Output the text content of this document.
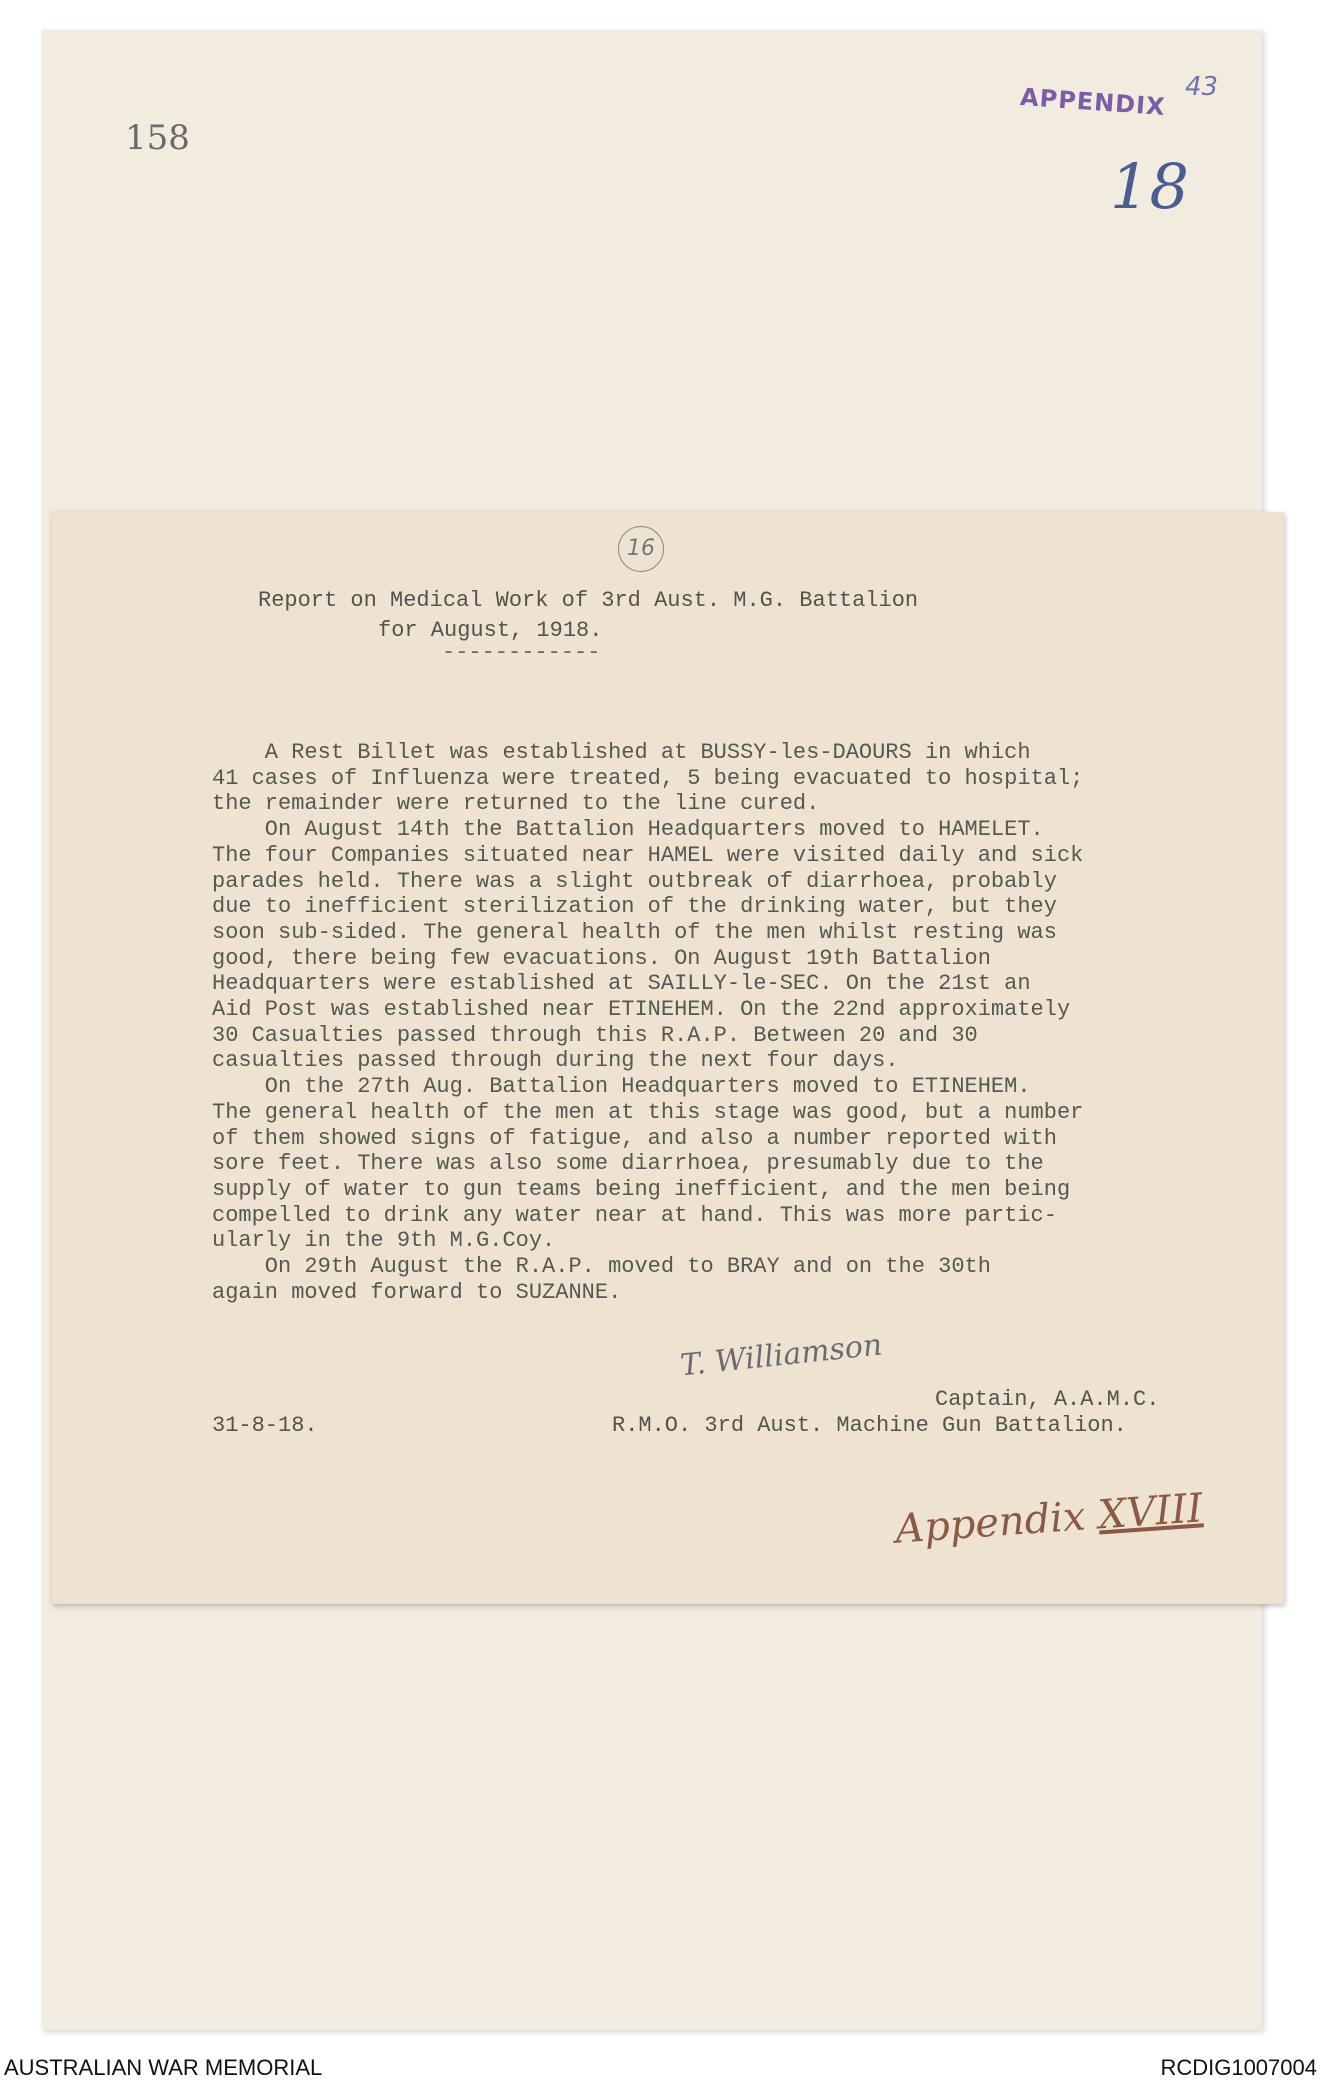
158
APPENDIX 43
18
16
Report on Medical Work of 3rd Aust. M.G. Battalion
for August, 1918.
------------
A Rest Billet was established at BUSSY-les-DAOURS in which
41 cases of Influenza were treated, 5 being evacuated to hospital;
the remainder were returned to the line cured.
On August 14th the Battalion Headquarters moved to HAMELET.
The four Companies situated near HAMEL were visited daily and sick
parades held. There was a slight outbreak of diarrhoea, probably
due to inefficient sterilization of the drinking water, but they
soon sub-sided. The general health of the men whilst resting was
good, there being few evacuations. On August 19th Battalion
Headquarters were established at SAILLY-le-SEC. On the 21st an
Aid Post was established near ETINEHEM. On the 22nd approximately
30 Casualties passed through this R.A.P. Between 20 and 30
casualties passed through during the next four days.
On the 27th Aug. Battalion Headquarters moved to ETINEHEM.
The general health of the men at this stage was good, but a number
of them showed signs of fatigue, and also a number reported with
sore feet. There was also some diarrhoea, presumably due to the
supply of water to gun teams being inefficient, and the men being
compelled to drink any water near at hand. This was more partic-
ularly in the 9th M.G.Coy.
On 29th August the R.A.P. moved to BRAY and on the 30th
again moved forward to SUZANNE.
T. Williamson
Captain, A.A.M.C.
31-8-18.	R.M.O. 3rd Aust. Machine Gun Battalion.
Appendix XVIII
AUSTRALIAN WAR MEMORIAL	RCDIG1007004
